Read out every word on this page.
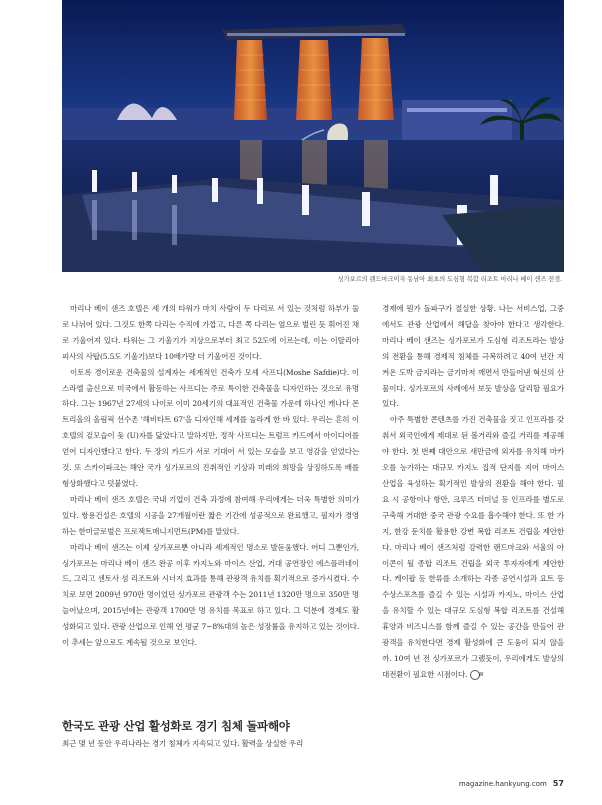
싱가포르의 랜드마크이자 동남아 최초의 도심형 복합 리조트 마리나 베이 샌즈 전경.

마리나 베이 샌즈 호텔은 세 개의 타워가 마치 사람이 두 다리로 서 있는 것처럼 하부가 둘로 나뉘어 있다. 그것도 한쪽 다리는 수직에 가깝고, 다른 쪽 다리는 옆으로 벌린 듯 휘어진 채로 기울어져 있다. 타워는 그 기울기가 지상으로부터 최고 52도에 이르는데, 이는 이탈리아 피사의 사탑(5.5도 기울기)보다 10배가량 더 기울어진 것이다.

이토록 경이로운 건축물의 설계자는 세계적인 건축가 모셰 사프디(Moshe Safdie)다. 이스라엘 출신으로 미국에서 활동하는 사프디는 주로 특이한 건축물을 디자인하는 것으로 유명하다. 그는 1967년 27세의 나이로 이미 20세기의 대표적인 건축물 가운데 하나인 캐나다 몬트리올의 올림픽 선수촌 '해비타트 67'을 디자인해 세계를 놀라게 한 바 있다. 우리는 흔히 이 호텔의 겉모습이 돛 (U)자를 닮았다고 말하지만, 정작 사프디는 트럼프 카드에서 아이디어를 얻어 디자인했다고 한다. 두 장의 카드가 서로 기대어 서 있는 모습을 보고 영감을 얻었다는 것. 또 스카이파크는 해안 국가 싱가포르의 진취적인 기상과 미래의 희망을 상징하도록 배를 형상화했다고 덧붙였다.

마리나 베이 샌즈 호텔은 국내 기업이 건축 과정에 참여해 우리에게는 더욱 특별한 의미가 있다. 쌍용건설은 호텔의 시공을 27개월이란 짧은 기간에 성공적으로 완료했고, 필자가 경영하는 한미글로벌은 프로젝트매니지먼트(PM)를 맡았다.

마리나 베이 샌즈는 이제 싱가포르뿐 아니라 세계적인 명소로 발돋움했다. 어디 그뿐인가, 싱가포르는 마리나 베이 샌즈 완공 이후 카지노와 마이스 산업, 거대 공연장인 에스플러네이드, 그리고 센토사 섬 리조트와 시너지 효과를 통해 관광객 유치를 획기적으로 증가시켰다. 수치로 보면 2009년 970만 명이었던 싱가포르 관광객 수는 2011년 1320만 명으로 350만 명 늘어났으며, 2015년에는 관광객 1700만 명 유치를 목표로 하고 있다. 그 덕분에 경제도 활성화되고 있다. 관광 산업으로 인해 연 평균 7~8%대의 높은 성장률을 유지하고 있는 것이다. 이 추세는 앞으로도 계속될 것으로 보인다.

한국도 관광 산업 활성화로 경기 침체 돌파해야

최근 몇 년 동안 우리나라는 경기 침체가 지속되고 있다. 활력을 상실한 우리

경제에 뭔가 돌파구가 절실한 상황. 나는 서비스업, 그중에서도 관광 산업에서 해답을 찾아야 한다고 생각한다. 마리나 베이 샌즈는 싱가포르가 도심형 리조트라는 발상의 전환을 통해 경제적 침체를 극복하려고 40여 년간 지켜온 도박 금지라는 금기마저 깨면서 만들어낸 혁신의 산물이다. 싱가포르의 사례에서 보듯 발상을 달리할 필요가 있다.

아주 특별한 콘텐츠를 가진 건축물을 짓고 인프라를 갖춰서 외국인에게 제대로 된 볼거리와 즐길 거리를 제공해야 한다. 첫 번째 대안으로 새만금에 외자를 유치해 마카오를 능가하는 대규모 카지노 집적 단지를 지어 마이스 산업을 육성하는 획기적인 발상의 전환을 해야 한다. 필요 시 공항이나 항만, 크루즈 터미널 등 인프라를 별도로 구축해 거대한 중국 관광 수요를 흡수해야 한다. 또 한 가지, 한강 둔치를 활용한 강변 복합 리조트 건립을 제안한다. 마리나 베이 샌즈처럼 강력한 랜드마크와 서울의 아이콘이 될 종합 리조트 건립을 외국 투자자에게 제안한다. 케이팝 등 한류를 소개하는 각종 공연시설과 요트 등 수상스포츠를 즐길 수 있는 시설과 카지노, 마이스 산업을 유치할 수 있는 대규모 도심형 복합 리조트를 건설해 휴양과 비즈니스를 함께 즐길 수 있는 공간을 만들어 관광객을 유치한다면 경제 활성화에 큰 도움이 되지 않을까. 10여 년 전 싱가포르가 그랬듯이, 우리에게도 발상의 대전환이 필요한 시점이다. W

magazine.hankyung.com 57
